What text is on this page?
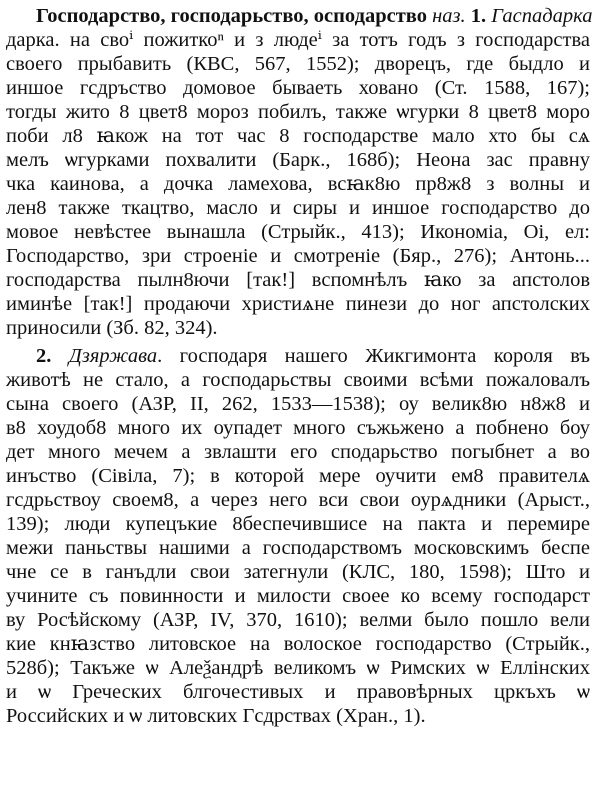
Господарство, господарьство, осподарство наз. 1. Гаспадарка
дарка. на своⁱ пожиткоⁿ и з людеⁱ за тотъ годъ з господарства
своего прыбавить (КВС, 567, 1552); дворецъ, где быдло и
иншое гсдръство домовое бываеть ховано (Ст. 1588, 167);
тогды жито 8 цвет8 мороз побилъ, также ѡгурки 8 цвет8 моро
поби л8 ꙗкож на тот час 8 господарстве мало хто бы сѧ
мелъ ѡгурками похвалити (Барк., 168б); Неона зас правну
чка каинова, а дочка ламехова, всꙗк8ю пр8ж8 з волны и
лен8 также ткацтво, масло и сиры и иншое господарство до
мовое невѣстее вынашла (Стрыйк., 413); Икономіа, Oi, ел:
Господарство, зри строеніе и смотреніе (Бяр., 276); Антонь...
господарства пылн8ючи [так!] вспомнѣлъ ꙗко за апстолов
иминѣе [так!] продаючи христиѧне пинези до ног апстолских
приносили (Зб. 82, 324).
2. Дзяржава. господаря нашего Жикгимонта короля въ
животѣ не стало, а господарьствы своими всѣми пожаловалъ
сына своего (АЗР, II, 262, 1533—1538); оу велик8ю н8ж8 и
в8 хоудоб8 много их оупадет много съжьжено а побнено боу
дет много мечем а звлашти его сподарьство погыбнет а во
инъство (Сівіла, 7); в которой мере оучити ем8 правителѧ
гсдрьствоу своем8, а через него вси свои оурѧдники (Арыст.,
139); люди купецъкие 8беспечившисе на пакта и перемире
межи паньствы нашими а господарствомъ московскимъ беспе
чне се в ганъдли свои затегнули (КЛС, 180, 1598); Што и
учините съ повинности и милости своее ко всему господарст
ву Росѣйскому (АЗР, IV, 370, 1610); велми было пошло вели
кие кнꙗзство литовское на волоское господарство (Стрыйк.,
528б); Такъже ѡ Алеѯандрѣ великомъ ѡ Римских ѡ Еллінских
и ѡ Греческих блгочестивых и правовѣрных цркъхъ ѡ
Российских и ѡ литовских Гсдрствах (Хран., 1).
